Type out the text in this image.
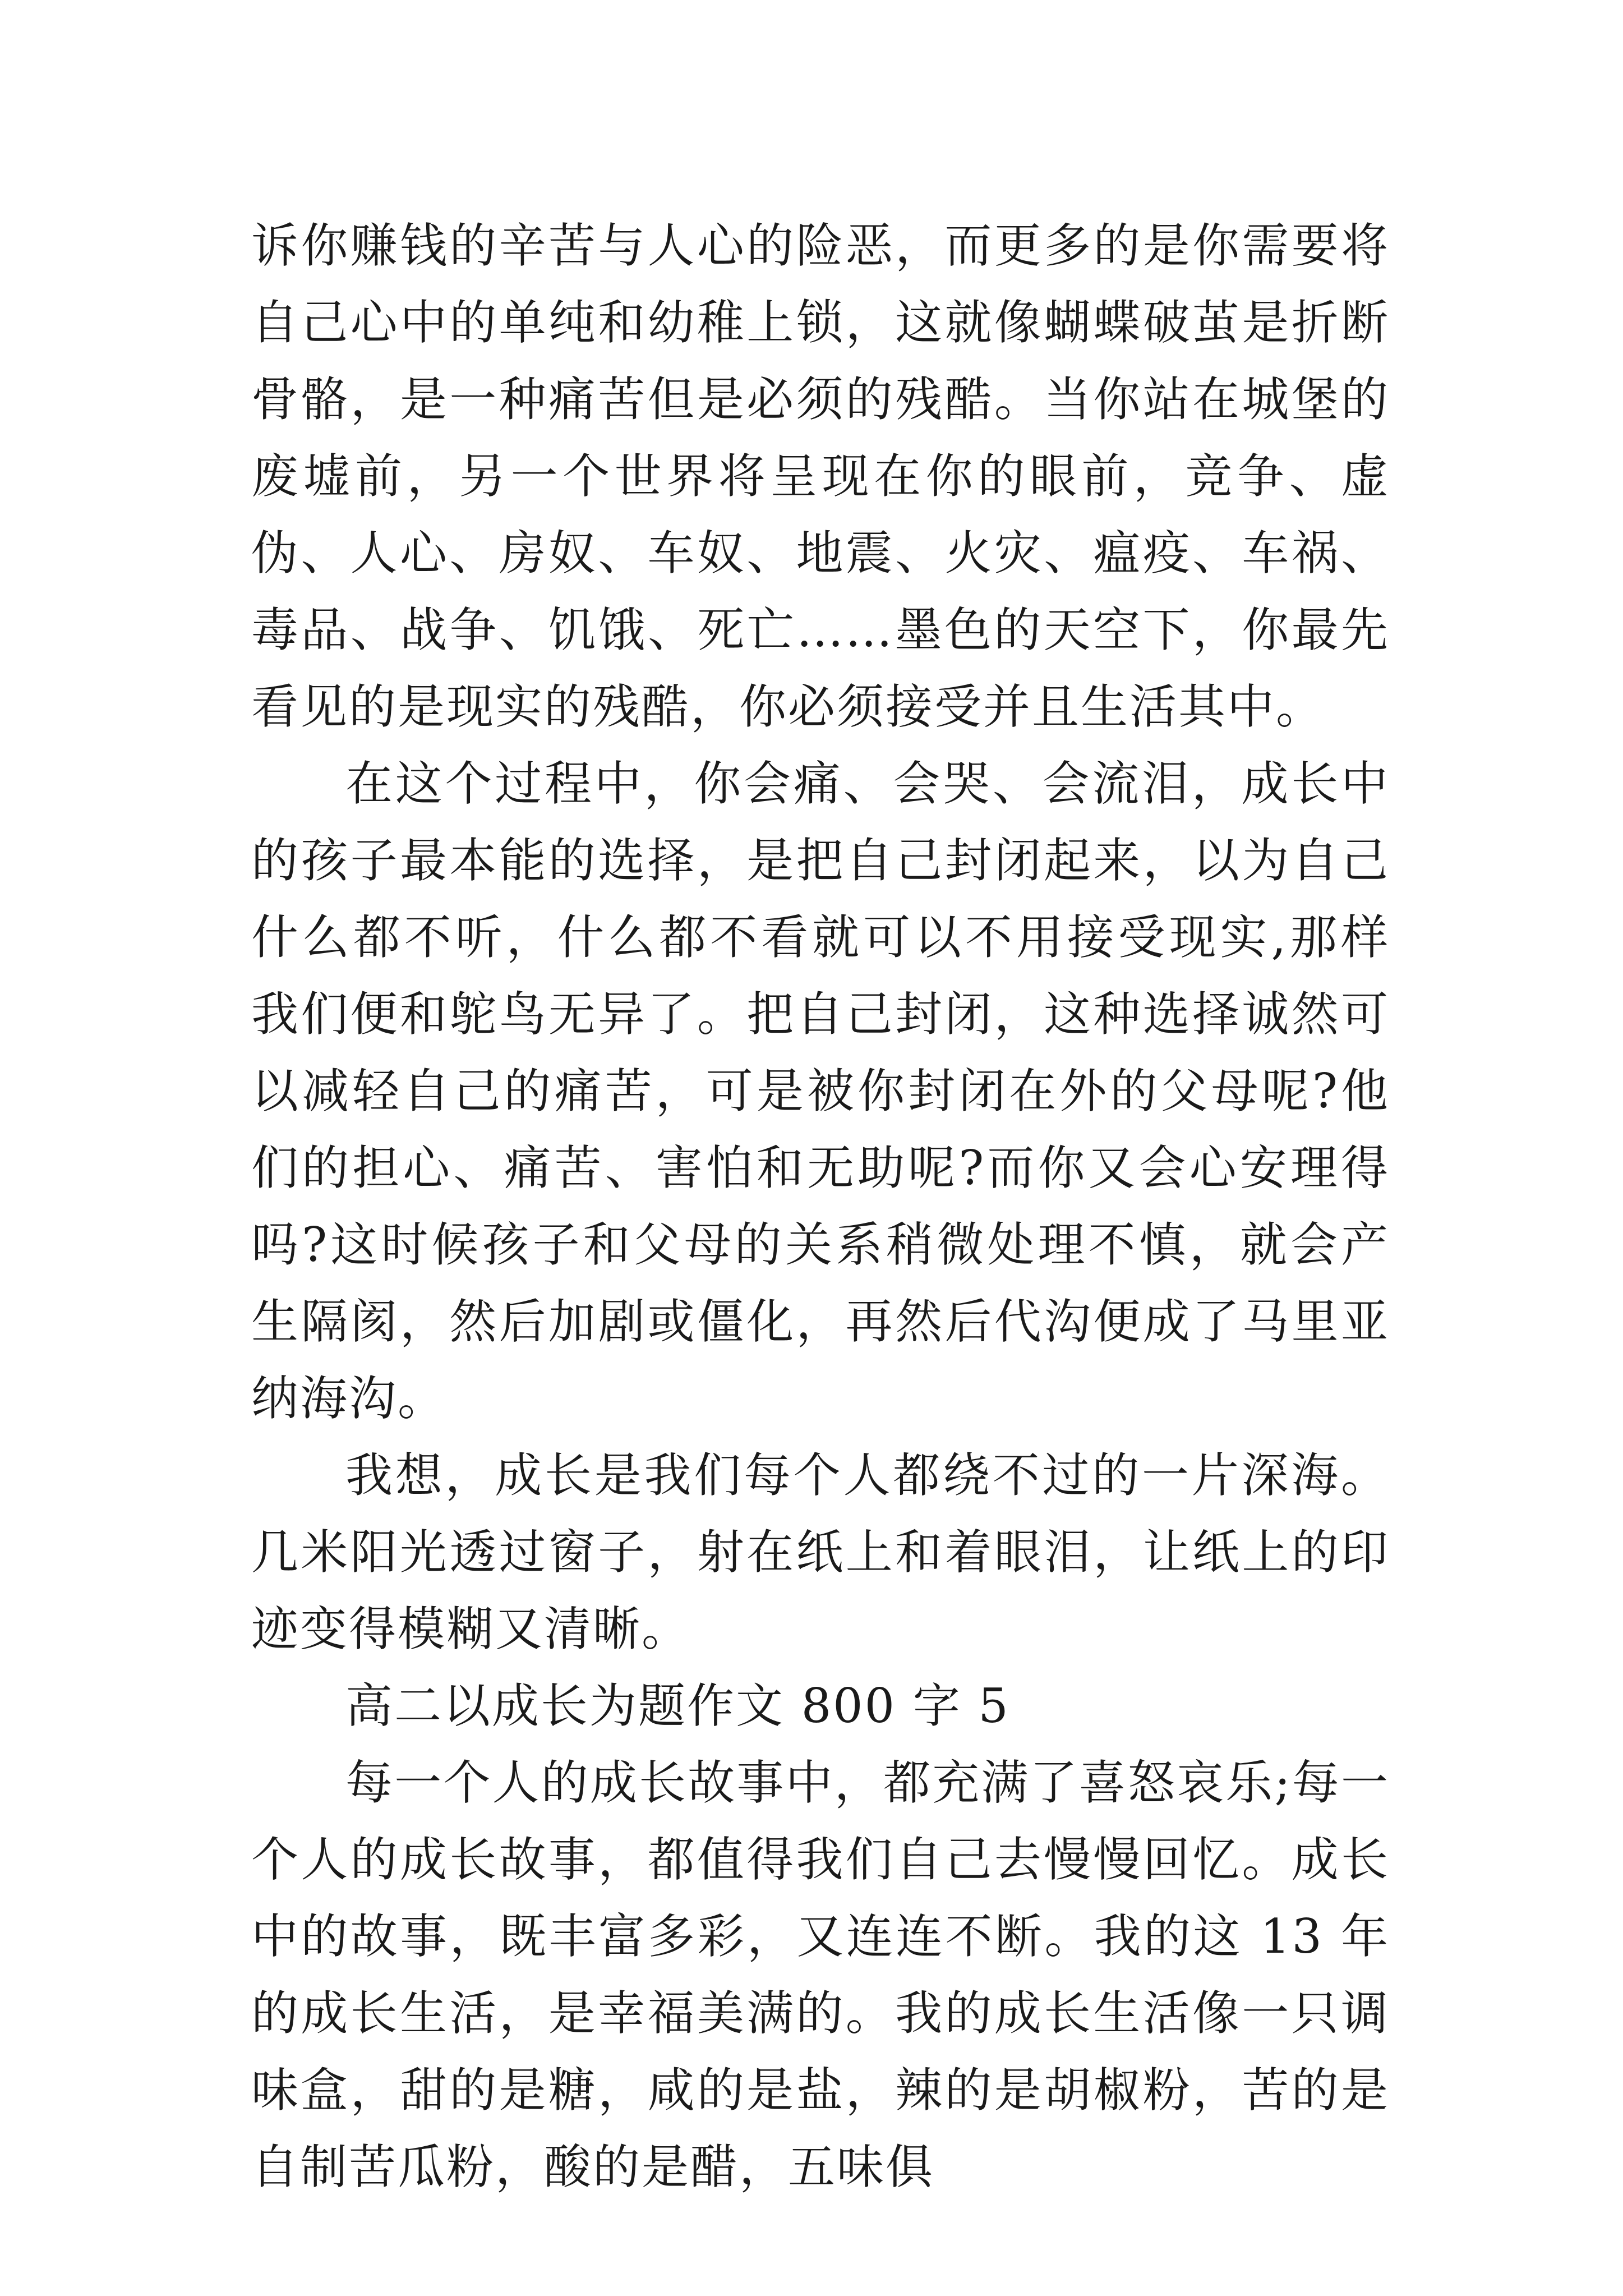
诉你赚钱的辛苦与人心的险恶，而更多的是你需要将自己心中的单纯和幼稚上锁，这就像蝴蝶破茧是折断骨骼，是一种痛苦但是必须的残酷。当你站在城堡的废墟前，另一个世界将呈现在你的眼前，竞争、虚伪、人心、房奴、车奴、地震、火灾、瘟疫、车祸、毒品、战争、饥饿、死亡……墨色的天空下，你最先看见的是现实的残酷，你必须接受并且生活其中。

在这个过程中，你会痛、会哭、会流泪，成长中的孩子最本能的选择，是把自己封闭起来，以为自己什么都不听，什么都不看就可以不用接受现实,那样我们便和鸵鸟无异了。把自己封闭，这种选择诚然可以减轻自己的痛苦，可是被你封闭在外的父母呢?他们的担心、痛苦、害怕和无助呢?而你又会心安理得吗?这时候孩子和父母的关系稍微处理不慎，就会产生隔阂，然后加剧或僵化，再然后代沟便成了马里亚纳海沟。

我想，成长是我们每个人都绕不过的一片深海。几米阳光透过窗子，射在纸上和着眼泪，让纸上的印迹变得模糊又清晰。

高二以成长为题作文 800 字 5

每一个人的成长故事中，都充满了喜怒哀乐;每一个人的成长故事，都值得我们自己去慢慢回忆。成长中的故事，既丰富多彩，又连连不断。我的这 13 年的成长生活，是幸福美满的。我的成长生活像一只调味盒，甜的是糖，咸的是盐，辣的是胡椒粉，苦的是自制苦瓜粉，酸的是醋，五味俱
